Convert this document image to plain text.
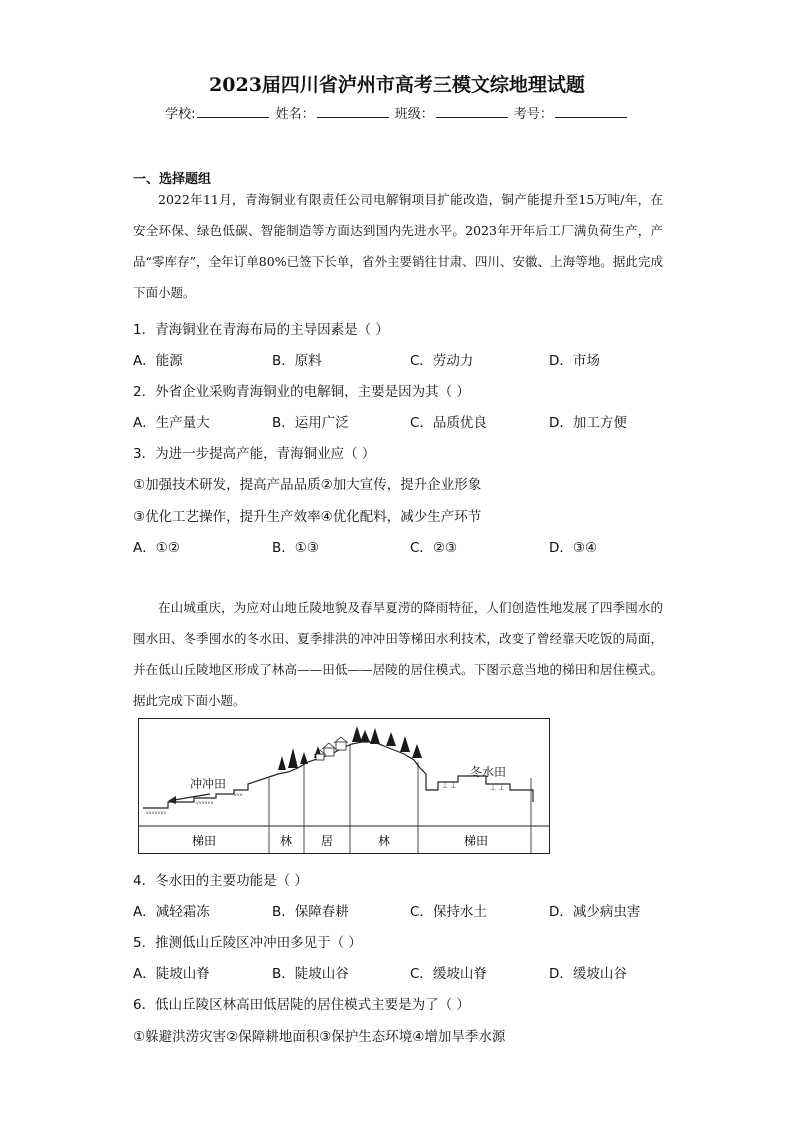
2023届四川省泸州市高考三模文综地理试题
学校:	姓名：	班级：	考号：
一、选择题组

2022年11月，青海铜业有限责任公司电解铜项目扩能改造，铜产能提升至15万吨/年，在安全环保、绿色低碳、智能制造等方面达到国内先进水平。2023年开年后工厂满负荷生产，产品“零库存”，全年订单80%已签下长单，省外主要销往甘肃、四川、安徽、上海等地。据此完成下面小题。

1．青海铜业在青海布局的主导因素是（ ）
A．能源	B．原料	C．劳动力	D．市场
2．外省企业采购青海铜业的电解铜，主要是因为其（ ）
A．生产量大	B．运用广泛	C．品质优良	D．加工方便
3．为进一步提高产能，青海铜业应（ ）
①加强技术研发，提高产品品质②加大宣传，提升企业形象
③优化工艺操作，提升生产效率④优化配料，减少生产环节
A．①②	B．①③	C．②③	D．③④

在山城重庆，为应对山地丘陵地貌及春旱夏涝的降雨特征，人们创造性地发展了四季囤水的囤水田、冬季囤水的冬水田、夏季排洪的冲冲田等梯田水利技术，改变了曾经靠天吃饭的局面，并在低山丘陵地区形成了林高——田低——居陵的居住模式。下图示意当地的梯田和居住模式。据此完成下面小题。

ᵥᵥᵥᵥᵥᵥᵥ
ᵥᵥᵥᵥᵥᵥ
ᵥᵥᵥ
⊥ ⊥	⊥ ⊥
冲冲田
冬水田
梯田	林 居	林	梯田
4．冬水田的主要功能是（ ）
A．减轻霜冻	B．保障春耕	C．保持水土	D．减少病虫害
5．推测低山丘陵区冲冲田多见于（ ）
A．陡坡山脊	B．陡坡山谷	C．缓坡山脊	D．缓坡山谷
6．低山丘陵区林高田低居陡的居住模式主要是为了（ ）
①躲避洪涝灾害②保障耕地面积③保护生态环境④增加旱季水源
